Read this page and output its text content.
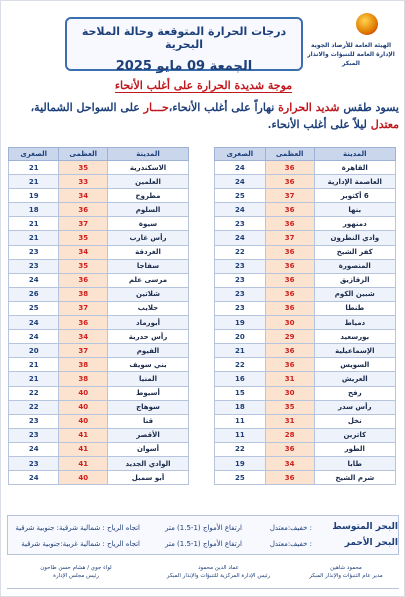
درجات الحرارة المتوقعة وحالة الملاحة البحرية
الجمعة 09 مايو 2025
الهيئة العامة للأرصاد الجوية
الإدارة العامة للتنبؤات والانذار المبكر
موجة شديدة الحرارة على أغلب الأنحاء
يسود طقس شديد الحرارة نهاراً على أغلب الأنحاء،حـــار على السواحل الشمالية، معتدل ليلاً على أغلب الأنحاء.
المدينة	العظمى	الصغرى
القاهرة	36	24
العاصمة الإدارية	36	24
6 أكتوبر	37	25
بنها	36	24
دمنهور	36	23
وادي النطرون	37	24
كفر الشيخ	36	22
المنصورة	36	23
الزقازيق	36	23
شبين الكوم	36	23
طنطا	36	23
دمياط	30	19
بورسعيد	29	20
الإسماعيلية	36	21
السويس	36	22
العريش	31	16
رفح	30	15
رأس سدر	35	18
نخل	31	11
كاترين	28	11
الطور	36	22
طابا	34	19
شرم الشيخ	36	25
المدينة	العظمى	الصغرى
الاسكندرية	35	21
العلمين	33	21
مطروح	34	19
السلوم	36	18
سيوة	37	21
رأس غارب	35	21
الغردقة	34	23
سفاجا	35	23
مرسى علم	36	24
شلاتين	38	26
حلايب	37	25
أبورماد	36	24
رأس حدربة	34	24
الفيوم	37	20
بني سويف	38	21
المنيا	38	21
أسيوط	40	22
سوهاج	40	22
قنا	40	23
الأقصر	41	23
أسوان	41	24
الوادي الجديد	41	23
أبو سمبل	40	24
البحر المتوسط
: خفيف:معتدل
ارتفاع الأمواج (1-1.5) متر
اتجاه الرياح : شمالية شرقية: جنوبية شرقية
البحر الأحمر
: خفيف:معتدل
ارتفاع الأمواج (1-1.5) متر
اتجاه الرياح : شمالية غربية:جنوبية شرقية
محمود شاهين
مدير عام التنبؤات والإنذار المبكر
عماد الدين محمود
رئيس الإدارة المركزية للتنبؤات والإنذار المبكر
لواء جوي / هشام حسن طاحون
رئيس مجلس الإدارة
